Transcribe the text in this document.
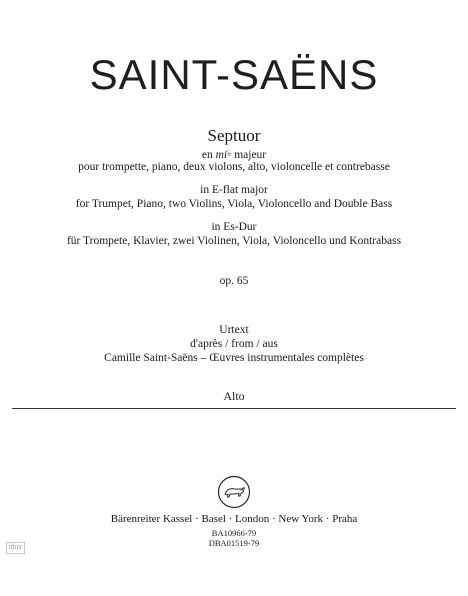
SAINT-SAËNS
Septuor
en mi♭ majeur
pour trompette, piano, deux violons, alto, violoncelle et contrebasse
in E-flat major
for Trumpet, Piano, two Violins, Viola, Violoncello and Double Bass
in Es-Dur
für Trompete, Klavier, zwei Violinen, Viola, Violoncello und Kontrabass
op. 65
Urtext
d'après / from / aus
Camille Saint-Saëns – Œuvres instrumentales complètes
Alto
idnv
Bärenreiter Kassel · Basel · London · New York · Praha
BA10966-79
DBA01519-79
